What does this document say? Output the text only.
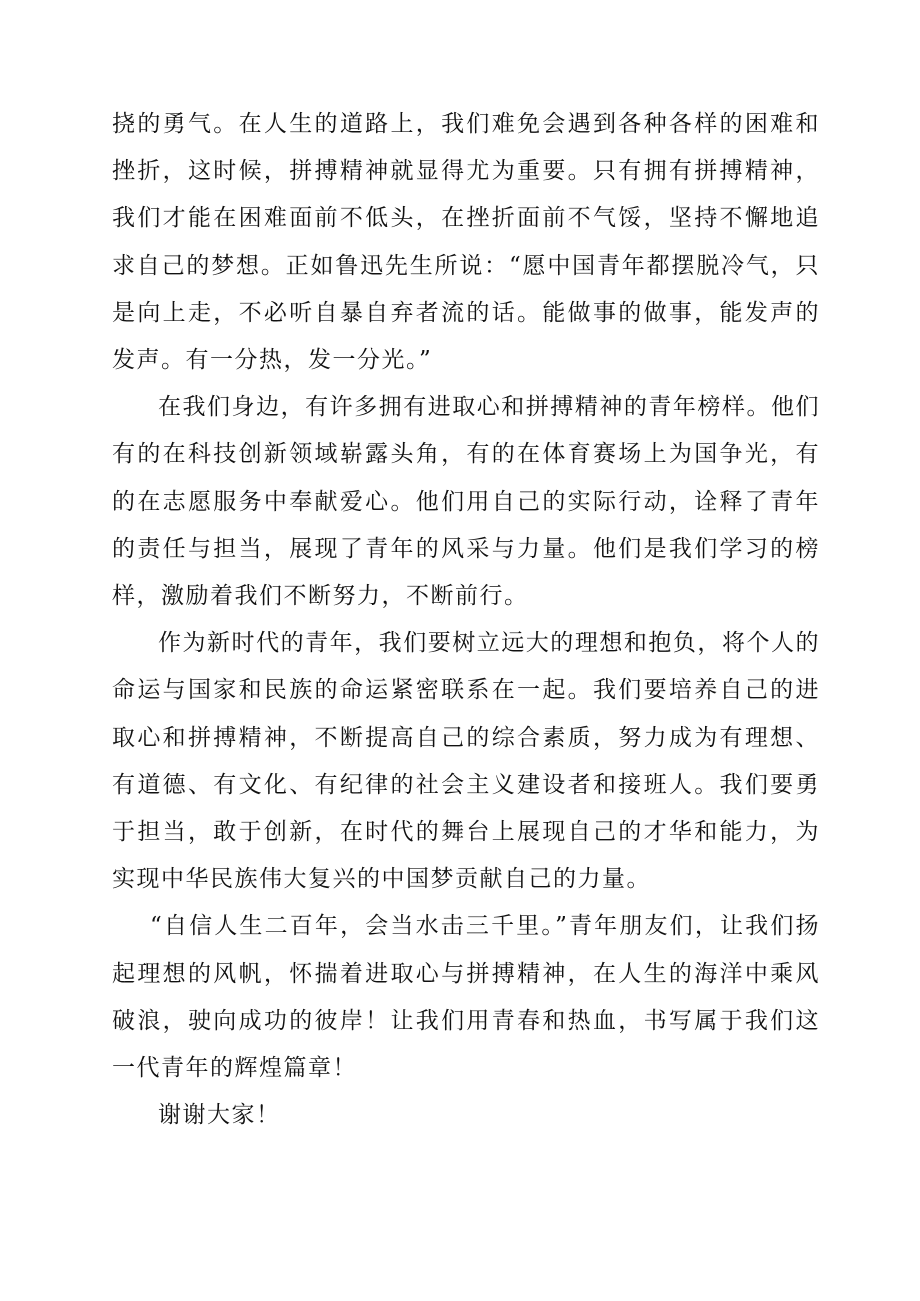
挠的勇气。在人生的道路上，我们难免会遇到各种各样的困难和挫折，这时候，拼搏精神就显得尤为重要。只有拥有拼搏精神，我们才能在困难面前不低头，在挫折面前不气馁，坚持不懈地追求自己的梦想。正如鲁迅先生所说：“愿中国青年都摆脱冷气，只是向上走，不必听自暴自弃者流的话。能做事的做事，能发声的发声。有一分热，发一分光。”

在我们身边，有许多拥有进取心和拼搏精神的青年榜样。他们有的在科技创新领域崭露头角，有的在体育赛场上为国争光，有的在志愿服务中奉献爱心。他们用自己的实际行动，诠释了青年的责任与担当，展现了青年的风采与力量。他们是我们学习的榜样，激励着我们不断努力，不断前行。

作为新时代的青年，我们要树立远大的理想和抱负，将个人的命运与国家和民族的命运紧密联系在一起。我们要培养自己的进取心和拼搏精神，不断提高自己的综合素质，努力成为有理想、有道德、有文化、有纪律的社会主义建设者和接班人。我们要勇于担当，敢于创新，在时代的舞台上展现自己的才华和能力，为实现中华民族伟大复兴的中国梦贡献自己的力量。

“自信人生二百年，会当水击三千里。”青年朋友们，让我们扬起理想的风帆，怀揣着进取心与拼搏精神，在人生的海洋中乘风破浪，驶向成功的彼岸！让我们用青春和热血，书写属于我们这一代青年的辉煌篇章！

谢谢大家！
